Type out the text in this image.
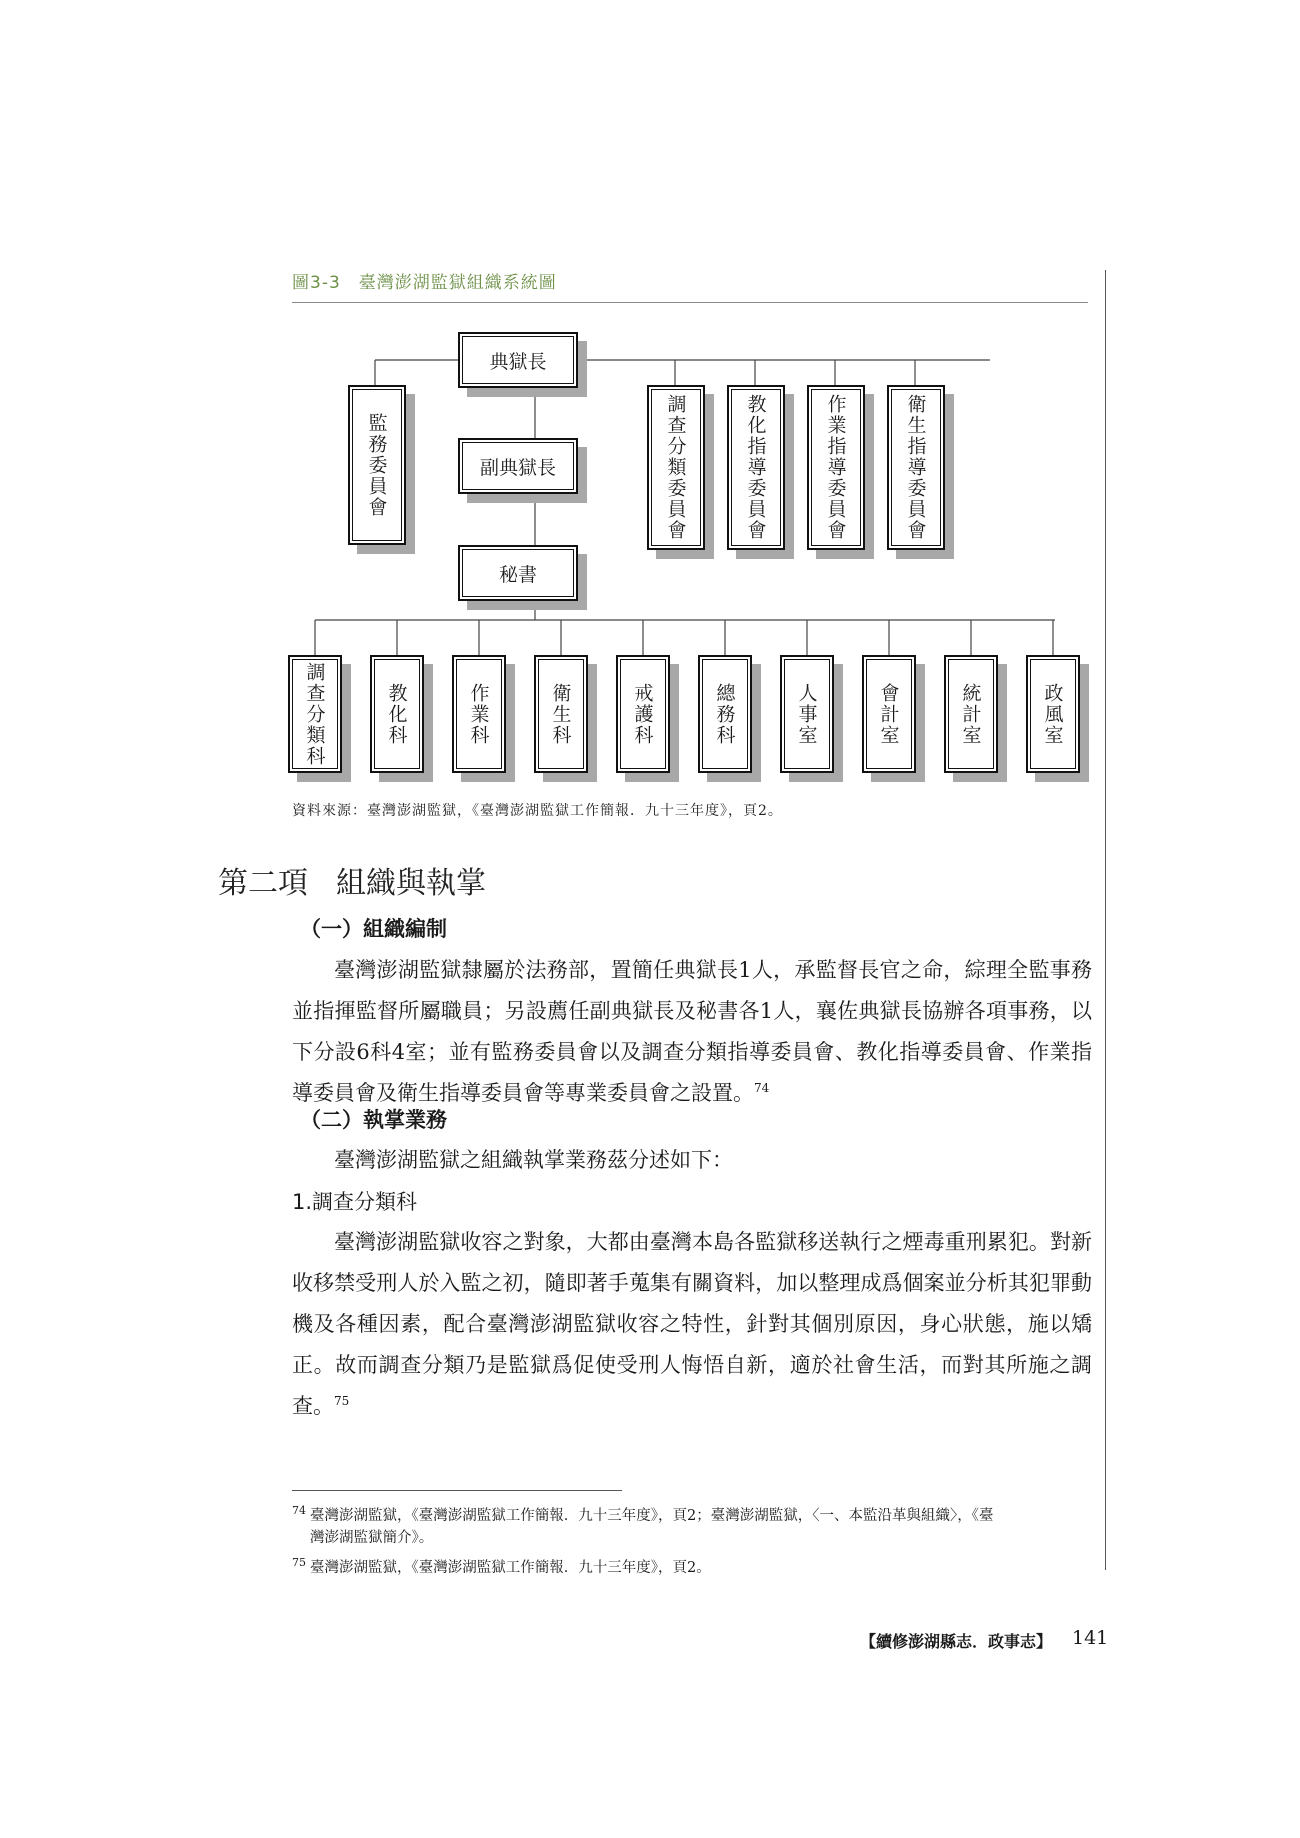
圖3-3　臺灣澎湖監獄組織系統圖
典獄長
副典獄長
秘書
監務委員會	調查分類委員會	教化指導委員會	作業指導委員會	衛生指導委員會
調查分類科	教化科	作業科	衛生科	戒護科	總務科	人事室	會計室	統計室	政風室
資料來源：臺灣澎湖監獄，《臺灣澎湖監獄工作簡報．九十三年度》，頁2。
第二項 組織與執掌
（一）組織編制
臺灣澎湖監獄隸屬於法務部，置簡任典獄長1人，承監督長官之命，綜理全監事務並指揮監督所屬職員；另設薦任副典獄長及秘書各1人，襄佐典獄長協辦各項事務，以下分設6科4室；並有監務委員會以及調查分類指導委員會、教化指導委員會、作業指導委員會及衛生指導委員會等專業委員會之設置。$^{74}$
（二）執掌業務
臺灣澎湖監獄之組織執掌業務茲分述如下：
1.調查分類科
臺灣澎湖監獄收容之對象，大都由臺灣本島各監獄移送執行之煙毒重刑累犯。對新收移禁受刑人於入監之初，隨即著手蒐集有關資料，加以整理成爲個案並分析其犯罪動機及各種因素，配合臺灣澎湖監獄收容之特性，針對其個別原因，身心狀態，施以矯正。故而調查分類乃是監獄爲促使受刑人悔悟自新，適於社會生活，而對其所施之調查。$^{75}$
$^{74}$ 臺灣澎湖監獄，《臺灣澎湖監獄工作簡報．九十三年度》，頁2；臺灣澎湖監獄，〈一、本監沿革與組織〉，《臺
灣澎湖監獄簡介》。
$^{75}$ 臺灣澎湖監獄，《臺灣澎湖監獄工作簡報．九十三年度》，頁2。
【續修澎湖縣志．政事志】 141
